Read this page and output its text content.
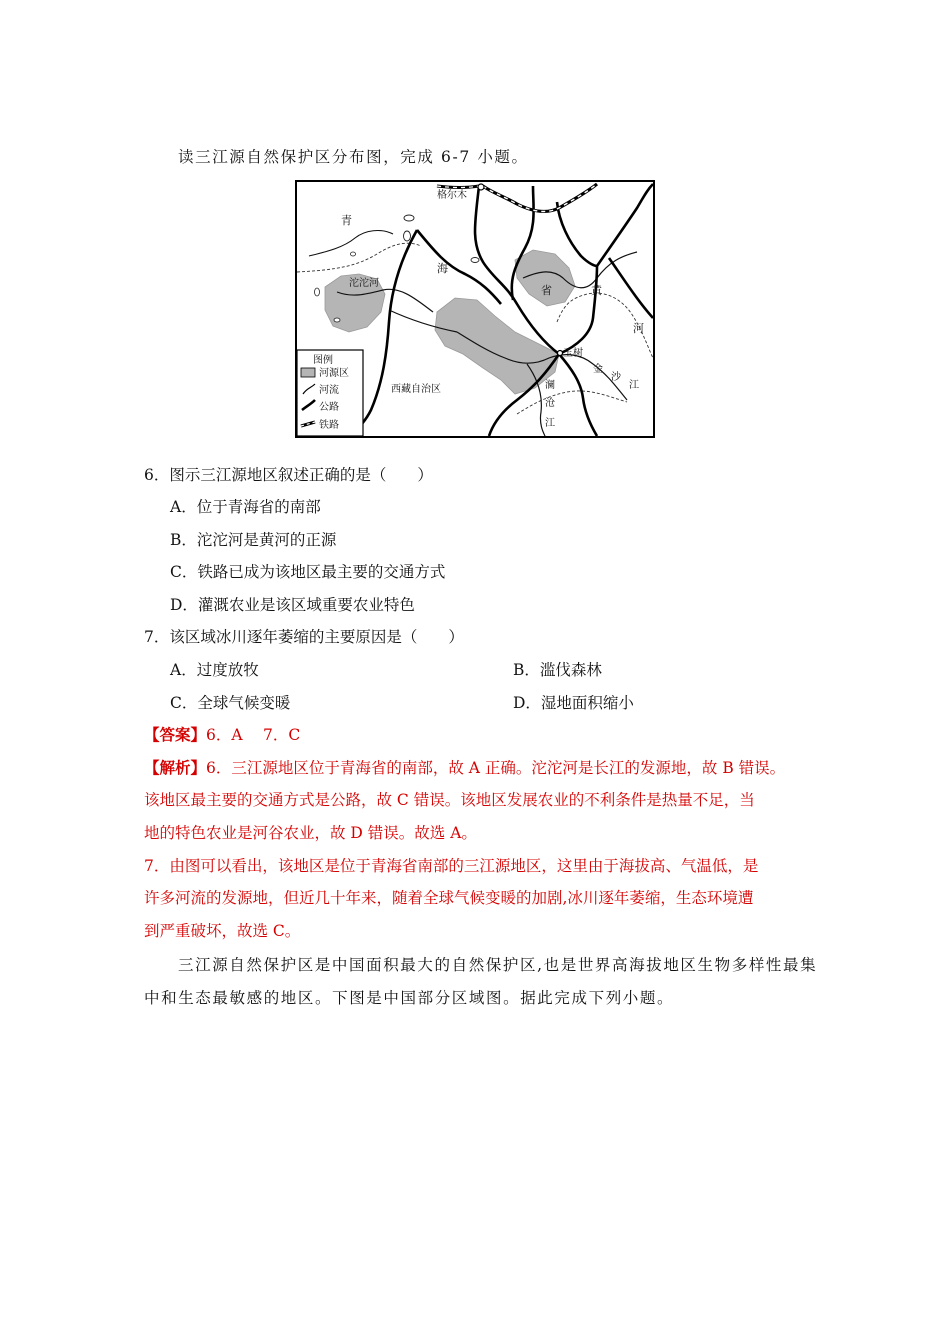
读三江源自然保护区分布图，完成 6-7 小题。
格尔木
青
海
省	黄
河
沱沱河
玉树
金
沙
江
西藏自治区	澜
沧
江
图例
河源区
河流
公路
铁路
6．图示三江源地区叙述正确的是（　　）
A．位于青海省的南部
B．沱沱河是黄河的正源
C．铁路已成为该地区最主要的交通方式
D．灌溉农业是该区域重要农业特色
7．该区域冰川逐年萎缩的主要原因是（　　）
A．过度放牧	B．滥伐森林
C．全球气候变暖	D．湿地面积缩小
【答案】6．A　 7．C
【解析】6．三江源地区位于青海省的南部，故 A 正确。沱沱河是长江的发源地，故 B 错误。
该地区最主要的交通方式是公路，故 C 错误。该地区发展农业的不利条件是热量不足，当
地的特色农业是河谷农业，故 D 错误。故选 A。
7．由图可以看出，该地区是位于青海省南部的三江源地区，这里由于海拔高、气温低，是
许多河流的发源地，但近几十年来，随着全球气候变暖的加剧,冰川逐年萎缩，生态环境遭
到严重破坏，故选 C。
三江源自然保护区是中国面积最大的自然保护区,也是世界高海拔地区生物多样性最集
中和生态最敏感的地区。下图是中国部分区域图。据此完成下列小题。
